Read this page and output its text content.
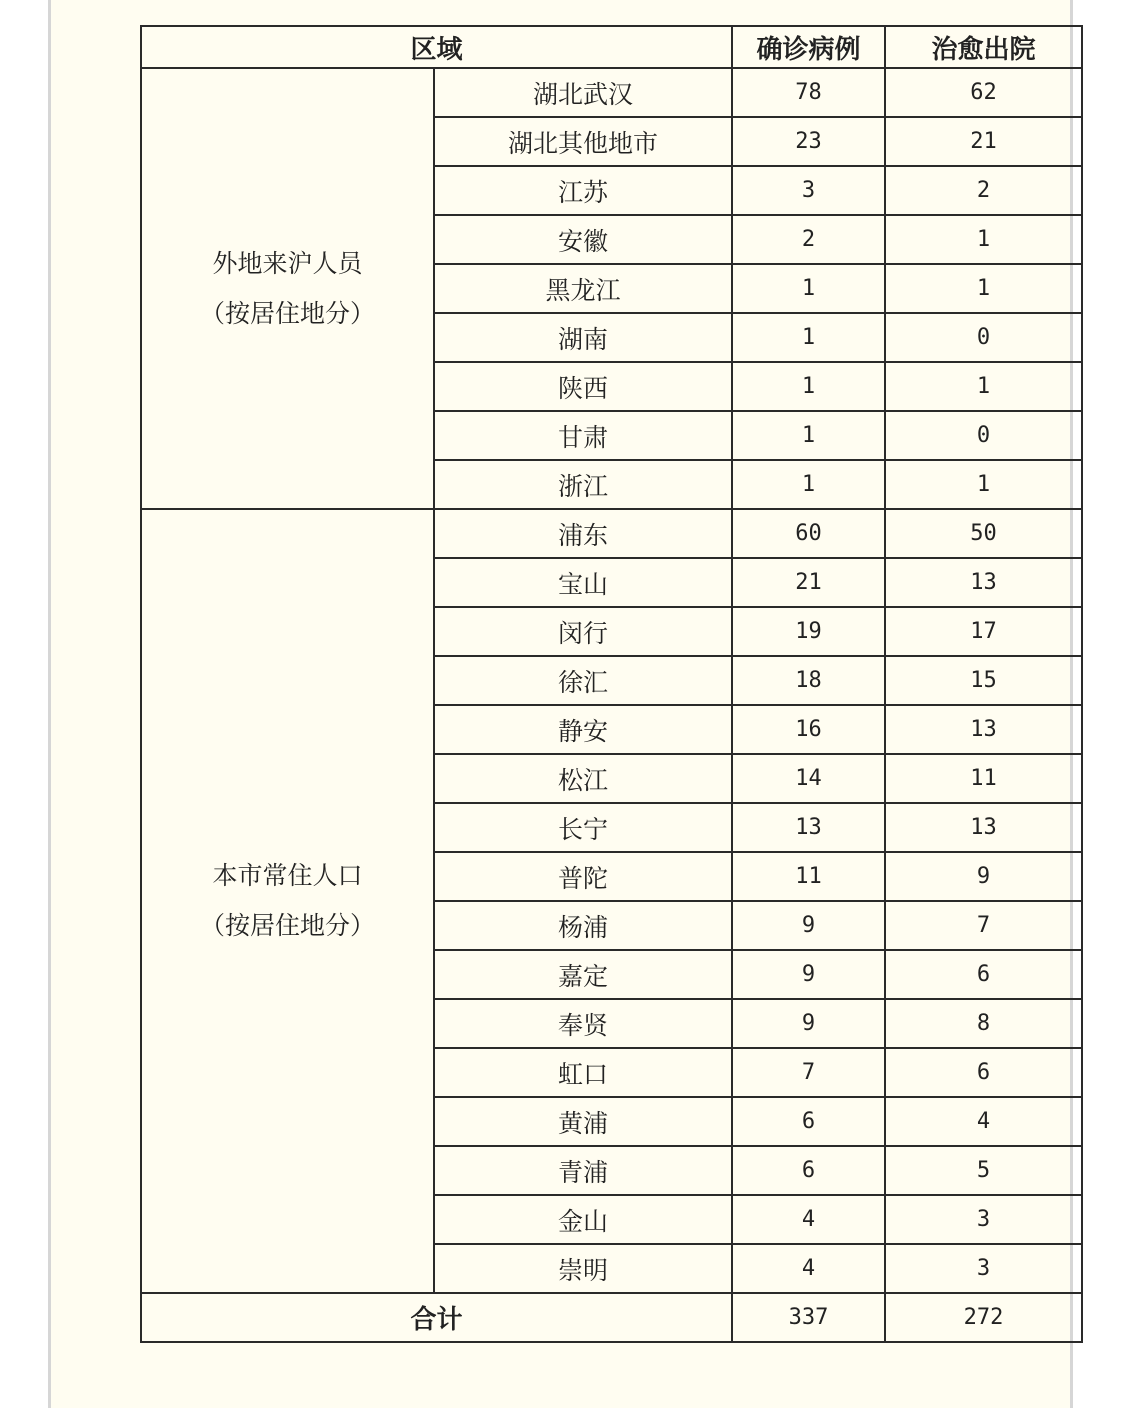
区域		确诊病例	治愈出院

外地来沪人员
（按居住地分）	湖北武汉	78	62
	湖北其他地市	23	21
	江苏	3	2
	安徽	2	1
	黑龙江	1	1
	湖南	1	0
	陕西	1	1
	甘肃	1	0
	浙江	1	1

本市常住人口
（按居住地分）	浦东	60	50
	宝山	21	13
	闵行	19	17
	徐汇	18	15
	静安	16	13
	松江	14	11
	长宁	13	13
	普陀	11	9
	杨浦	9	7
	嘉定	9	6
	奉贤	9	8
	虹口	7	6
	黄浦	6	4
	青浦	6	5
	金山	4	3
	崇明	4	3
合计		337	272
